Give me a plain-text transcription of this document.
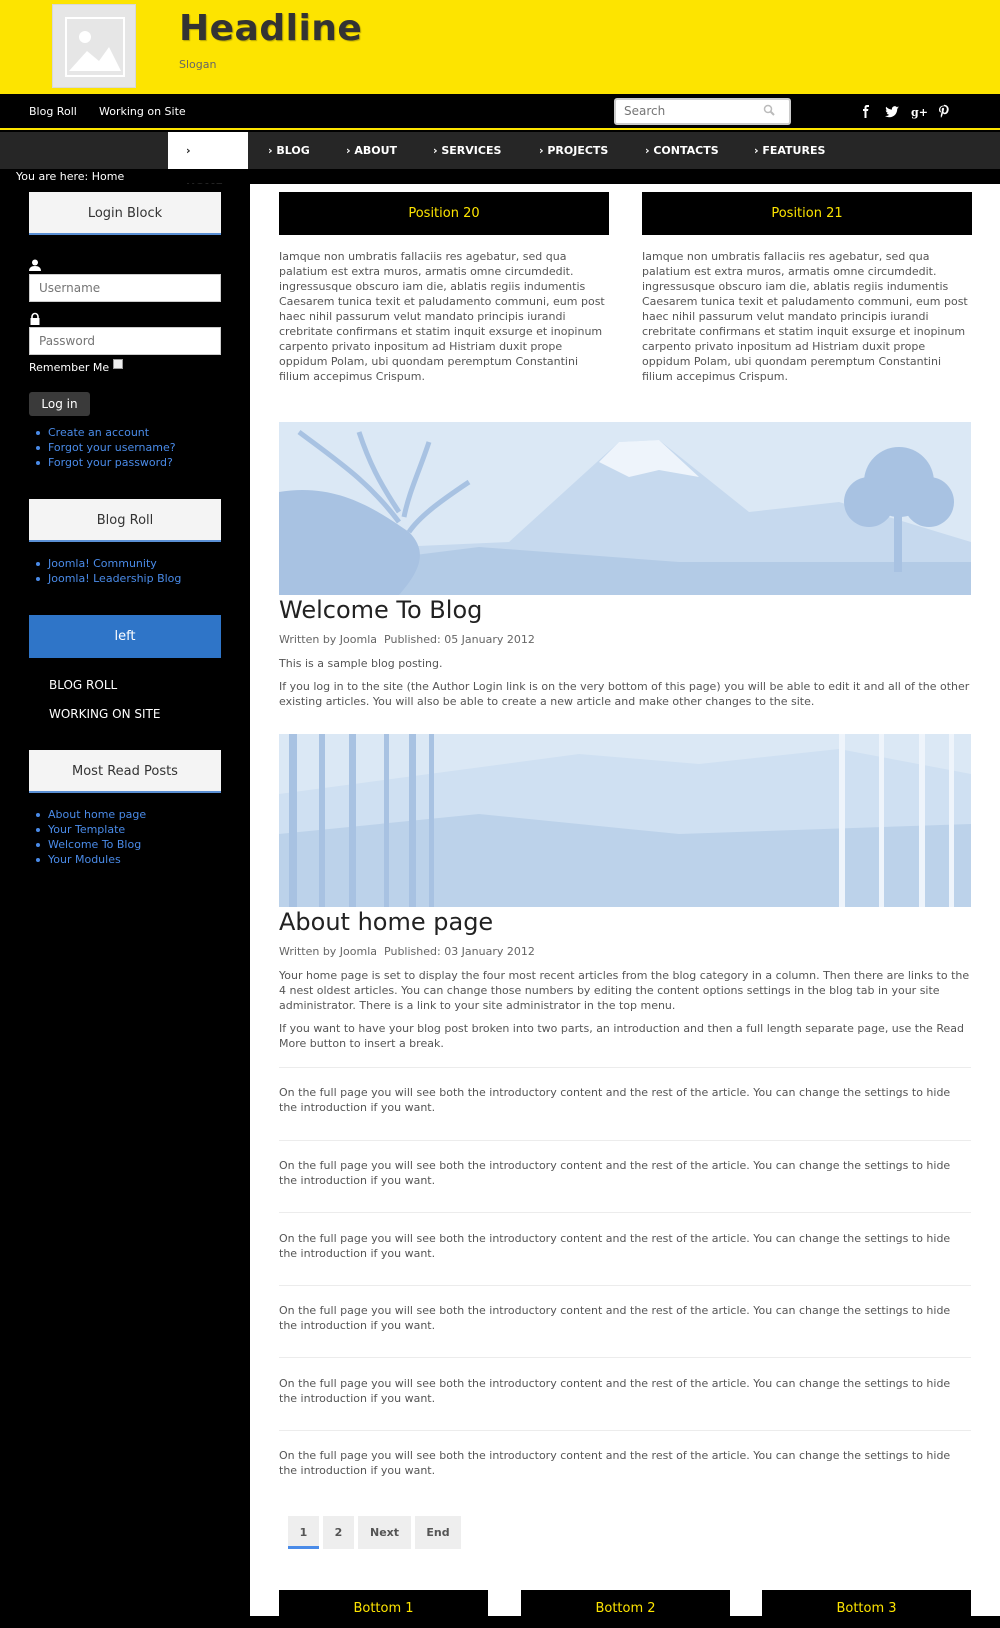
Headline
Slogan
Blog Roll Working on Site
Search	g+
›	› BLOG	› ABOUT	› SERVICES	› PROJECTS	› CONTACTS	› FEATURES
You are here: Home
Login Block
Username
Password
Remember Me
Log in
Create an account
Forgot your username?
Forgot your password?
Blog Roll
Joomla! Community
Joomla! Leadership Blog
left
BLOG ROLL
WORKING ON SITE
Most Read Posts
About home page
Your Template
Welcome To Blog
Your Modules
Position 20
Iamque non umbratis fallaciis res agebatur, sed qua palatium est extra muros, armatis omne circumdedit. ingressusque obscuro iam die, ablatis regiis indumentis Caesarem tunica texit et paludamento communi, eum post haec nihil passurum velut mandato principis iurandi crebritate confirmans et statim inquit exsurge et inopinum carpento privato inpositum ad Histriam duxit prope oppidum Polam, ubi quondam peremptum Constantini filium accepimus Crispum.
Position 21
Iamque non umbratis fallaciis res agebatur, sed qua palatium est extra muros, armatis omne circumdedit. ingressusque obscuro iam die, ablatis regiis indumentis Caesarem tunica texit et paludamento communi, eum post haec nihil passurum velut mandato principis iurandi crebritate confirmans et statim inquit exsurge et inopinum carpento privato inpositum ad Histriam duxit prope oppidum Polam, ubi quondam peremptum Constantini filium accepimus Crispum.
Welcome To Blog
Written by Joomla Published: 05 January 2012
This is a sample blog posting.
If you log in to the site (the Author Login link is on the very bottom of this page) you will be able to edit it and all of the other existing articles. You will also be able to create a new article and make other changes to the site.
About home page
Written by Joomla Published: 03 January 2012
Your home page is set to display the four most recent articles from the blog category in a column. Then there are links to the 4 nest oldest articles. You can change those numbers by editing the content options settings in the blog tab in your site administrator. There is a link to your site administrator in the top menu.
If you want to have your blog post broken into two parts, an introduction and then a full length separate page, use the Read More button to insert a break.
On the full page you will see both the introductory content and the rest of the article. You can change the settings to hide the introduction if you want.
On the full page you will see both the introductory content and the rest of the article. You can change the settings to hide the introduction if you want.
On the full page you will see both the introductory content and the rest of the article. You can change the settings to hide the introduction if you want.
On the full page you will see both the introductory content and the rest of the article. You can change the settings to hide the introduction if you want.
On the full page you will see both the introductory content and the rest of the article. You can change the settings to hide the introduction if you want.
On the full page you will see both the introductory content and the rest of the article. You can change the settings to hide the introduction if you want.
1	2	Next	End
Bottom 1	Bottom 2	Bottom 3
